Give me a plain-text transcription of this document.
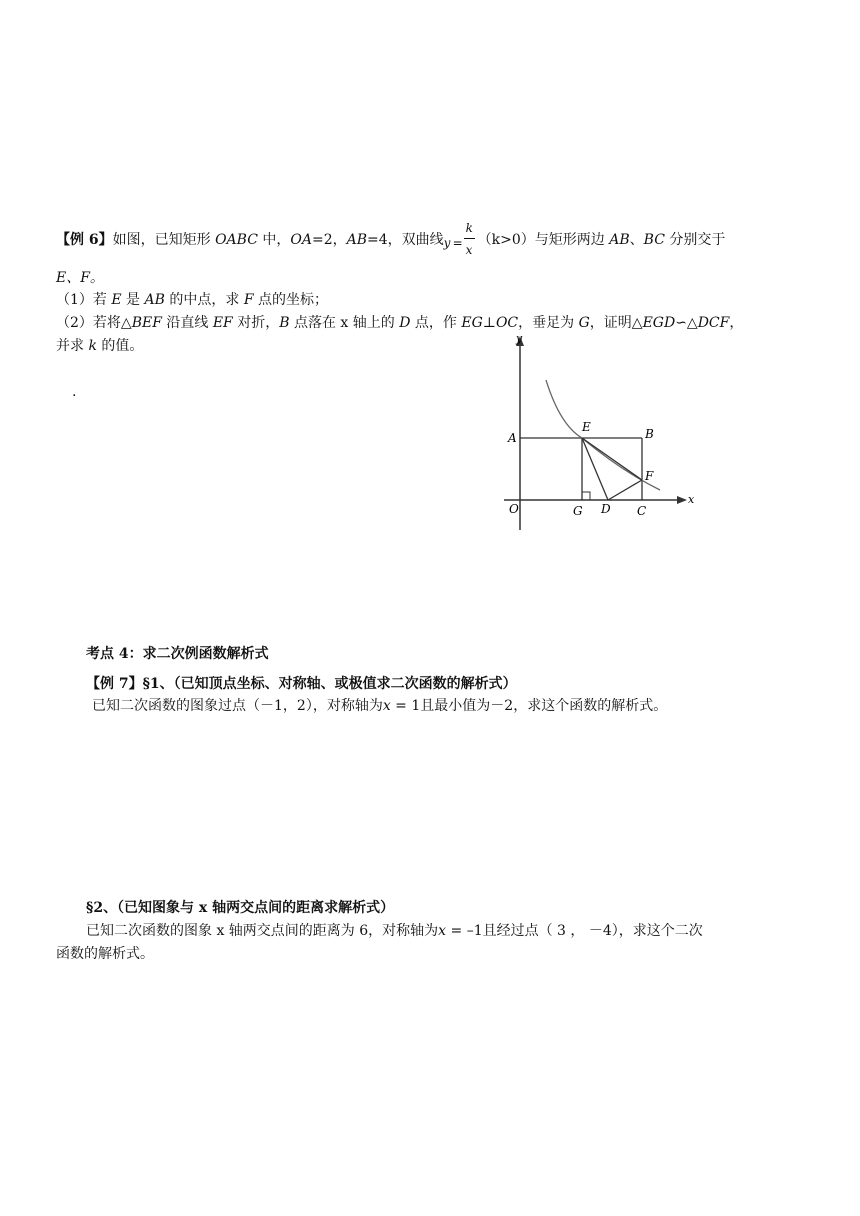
【例 6】如图，已知矩形 OABC 中，OA=2，AB=4，双曲线 y =
k
x
（k>0）与矩形两边 AB、BC 分别交于
E、F。
（1）若 E 是 AB 的中点，求 F 点的坐标；
（2）若将△BEF 沿直线 EF 对折，B 点落在 x 轴上的 D 点，作 EG⊥OC，垂足为 G，证明△EGD∽△DCF，
并求 k 的值。
.
y
x
O
A
E	B
F
G D C
考点 4：求二次例函数解析式
【例 7】§1、（已知顶点坐标、对称轴、或极值求二次函数的解析式）
已知二次函数的图象过点（－1，2），对称轴为x = 1且最小值为－2，求这个函数的解析式。
§2、（已知图象与 x 轴两交点间的距离求解析式）
已知二次函数的图象 x 轴两交点间的距离为 6，对称轴为x = –1且经过点（ 3 ， －4），求这个二次
函数的解析式。
